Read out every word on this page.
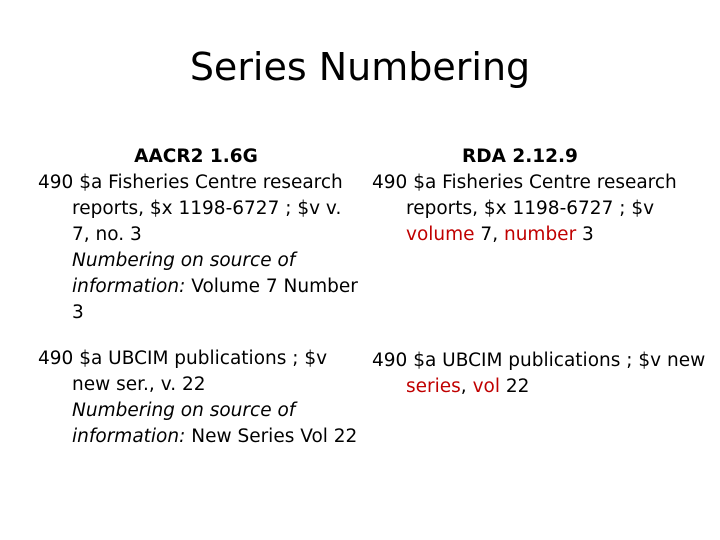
Series Numbering
AACR2 1.6G

490 $a Fisheries Centre research reports, $x 1198-6727 ; $v v. 7, no. 3

Numbering on source of information: Volume 7 Number 3

490 $a UBCIM publications ; $v new ser., v. 22

Numbering on source of information: New Series Vol 22

RDA 2.12.9

490 $a Fisheries Centre research reports, $x 1198-6727 ; $v volume 7, number 3

490 $a UBCIM publications ; $v new series, vol 22
